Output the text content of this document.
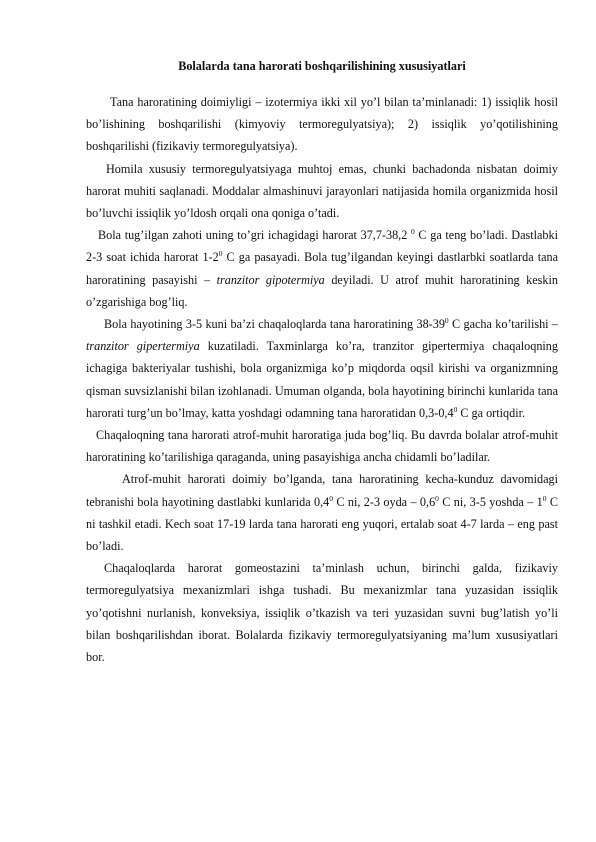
Bolalarda tana harorati boshqarilishining xususiyatlari

Tana haroratining doimiyligi – izotermiya ikki xil yo’l bilan ta’minlanadi: 1) issiqlik hosil bo’lishining boshqarilishi (kimyoviy termoregulyatsiya); 2) issiqlik yo’qotilishining boshqarilishi (fizikaviy termoregulyatsiya).

Homila xususiy termoregulyatsiyaga muhtoj emas, chunki bachadonda nisbatan doimiy harorat muhiti saqlanadi. Moddalar almashinuvi jarayonlari natijasida homila organizmida hosil bo’luvchi issiqlik yo’ldosh orqali ona qoniga o’tadi.

Bola tug’ilgan zahoti uning to’gri ichagidagi harorat 37,7-38,2 $^0$ C ga teng bo’ladi. Dastlabki 2-3 soat ichida harorat $1-2^0$ C ga pasayadi. Bola tug’ilgandan keyingi dastlarbki soatlarda tana haroratining pasayishi – tranzitor gipotermiya deyiladi. U atrof muhit haroratining keskin o’zgarishiga bog’liq.

Bola hayotining 3-5 kuni ba’zi chaqaloqlarda tana haroratining $38-39^0$ C gacha ko’tarilishi – tranzitor gipertermiya kuzatiladi. Taxminlarga ko’ra, tranzitor gipertermiya chaqaloqning ichagiga bakteriyalar tushishi, bola organizmiga ko’p miqdorda oqsil kirishi va organizmning qisman suvsizlanishi bilan izohlanadi. Umuman olganda, bola hayotining birinchi kunlarida tana harorati turg’un bo’lmay, katta yoshdagi odamning tana haroratidan $0,3-0,4^0$ C ga ortiqdir.

Chaqaloqning tana harorati atrof-muhit haroratiga juda bog’liq. Bu davrda bolalar atrof-muhit haroratining ko’tarilishiga qaraganda, uning pasayishiga ancha chidamli bo’ladilar.

Atrof-muhit harorati doimiy bo’lganda, tana haroratining kecha-kunduz davomidagi tebranishi bola hayotining dastlabki kunlarida $0,4^0$ C ni, 2-3 oyda – $0,6^0$ C ni, 3-5 yoshda – $1^0$ C ni tashkil etadi. Kech soat 17-19 larda tana harorati eng yuqori, ertalab soat 4-7 larda – eng past bo’ladi.

Chaqaloqlarda harorat gomeostazini ta’minlash uchun, birinchi galda, fizikaviy termoregulyatsiya mexanizmlari ishga tushadi. Bu mexanizmlar tana yuzasidan issiqlik yo’qotishni nurlanish, konveksiya, issiqlik o’tkazish va teri yuzasidan suvni bug’latish yo’li bilan boshqarilishdan iborat. Bolalarda fizikaviy termoregulyatsiyaning ma’lum xususiyatlari bor.
